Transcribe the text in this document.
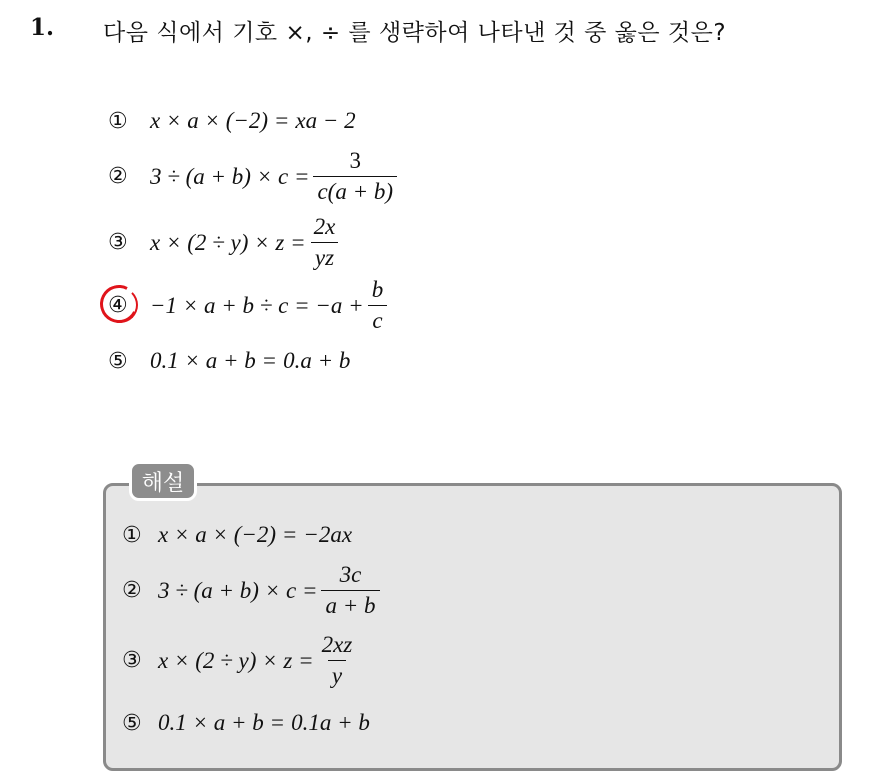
1. 다음 식에서 기호 ×, ÷ 를 생략하여 나타낸 것 중 옳은 것은?
① x × a × (−2) = xa − 2
② $3 \div (a + b) \times c = \frac{3}{c(a + b)}$
③ $x \times (2 \div y) \times z = \frac{2x}{yz}$
④ $-1 \times a + b \div c = -a + \frac{b}{c}$
⑤ 0.1 × a + b = 0.a + b
해설
① x × a × (−2) = −2ax
② $3 \div (a + b) \times c = \frac{3c}{a + b}$
③ $x \times (2 \div y) \times z = \frac{2xz}{y}$
⑤ 0.1 × a + b = 0.1a + b
